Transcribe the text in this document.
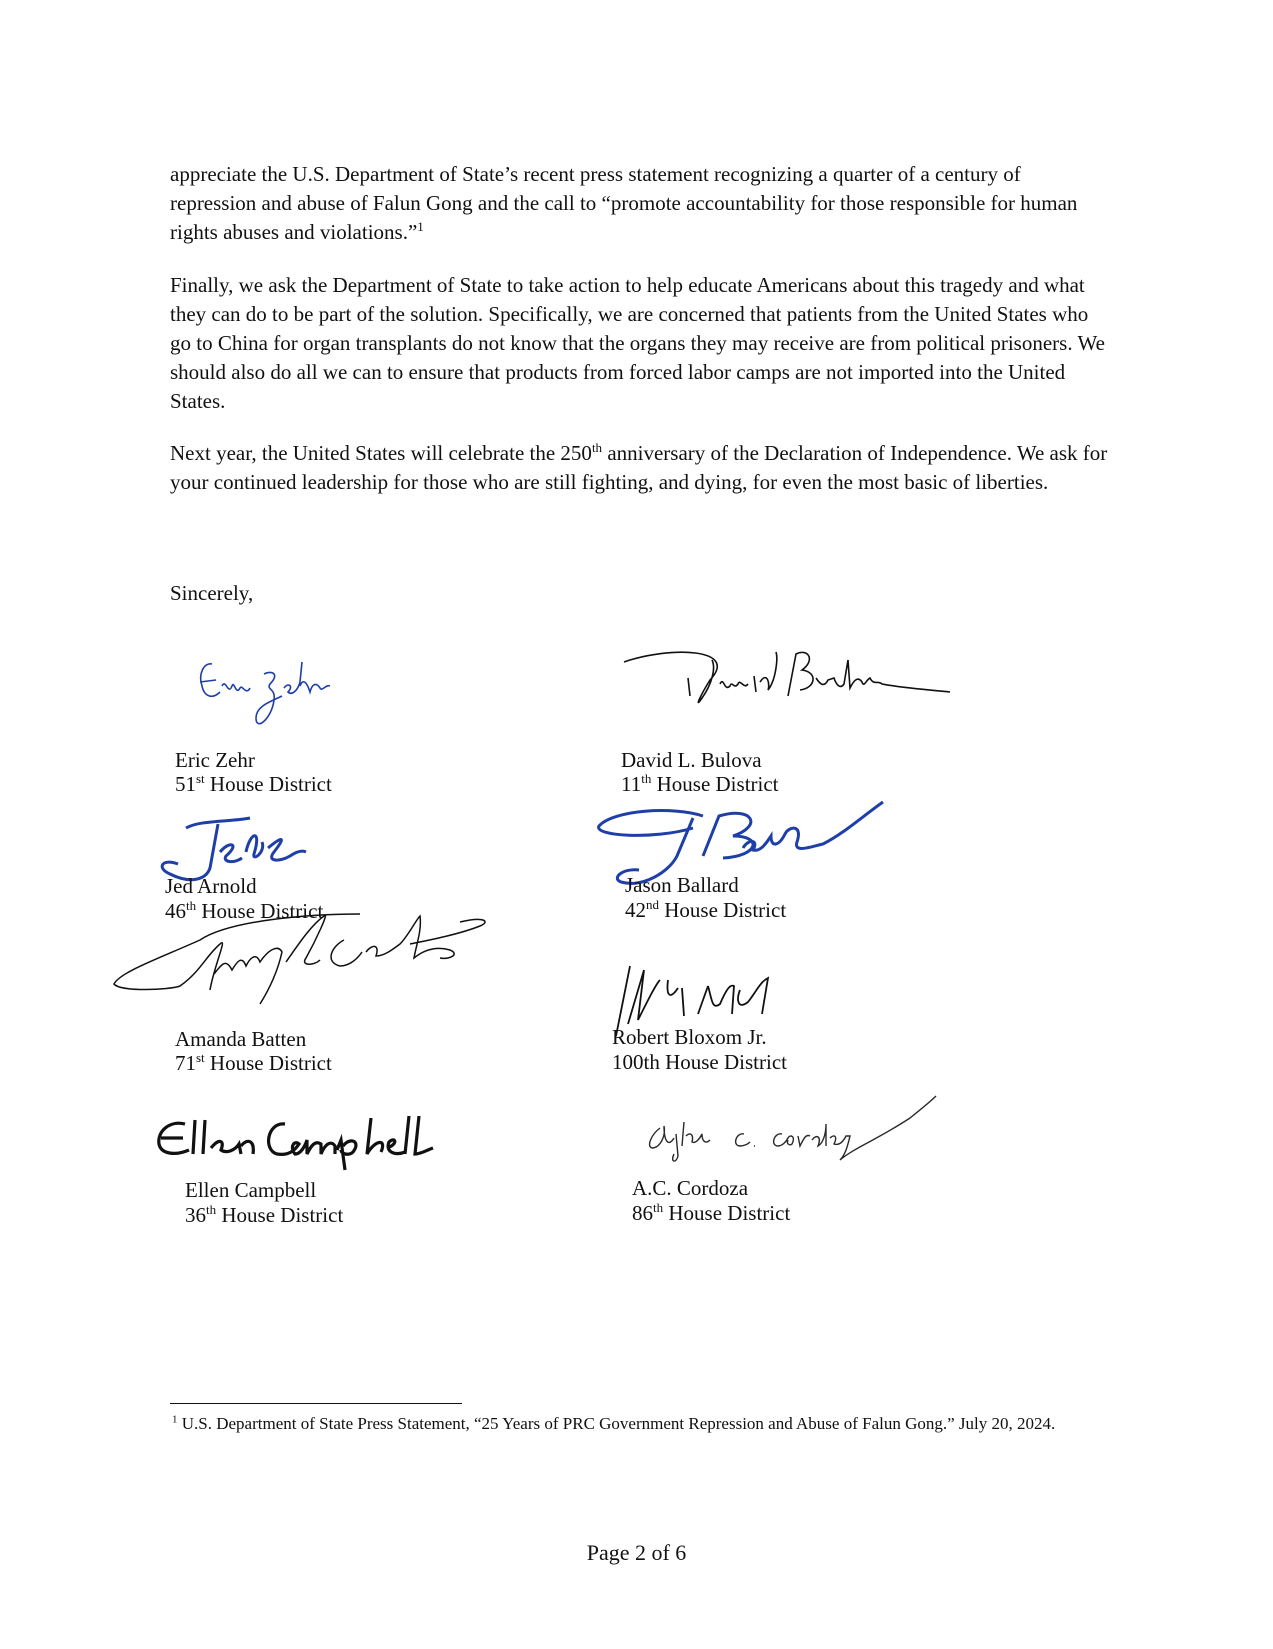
appreciate the U.S. Department of State’s recent press statement recognizing a quarter of a century of repression and abuse of Falun Gong and the call to “promote accountability for those responsible for human rights abuses and violations.”$^1$

Finally, we ask the Department of State to take action to help educate Americans about this tragedy and what they can do to be part of the solution. Specifically, we are concerned that patients from the United States who go to China for organ transplants do not know that the organs they may receive are from political prisoners. We should also do all we can to ensure that products from forced labor camps are not imported into the United States.

Next year, the United States will celebrate the 250th anniversary of the Declaration of Independence. We ask for your continued leadership for those who are still fighting, and dying, for even the most basic of liberties.

Sincerely,

Eric Zehr
51st House District
Jed Arnold
46th House District
Amanda Batten
71st House District
Ellen Campbell
36th House District
David L. Bulova
11th House District
Jason Ballard
42nd House District
Robert Bloxom Jr.
100th House District
A.C. Cordoza
86th House District
$^1$ U.S. Department of State Press Statement, “25 Years of PRC Government Repression and Abuse of Falun Gong.” July 20, 2024.
Page 2 of 6
